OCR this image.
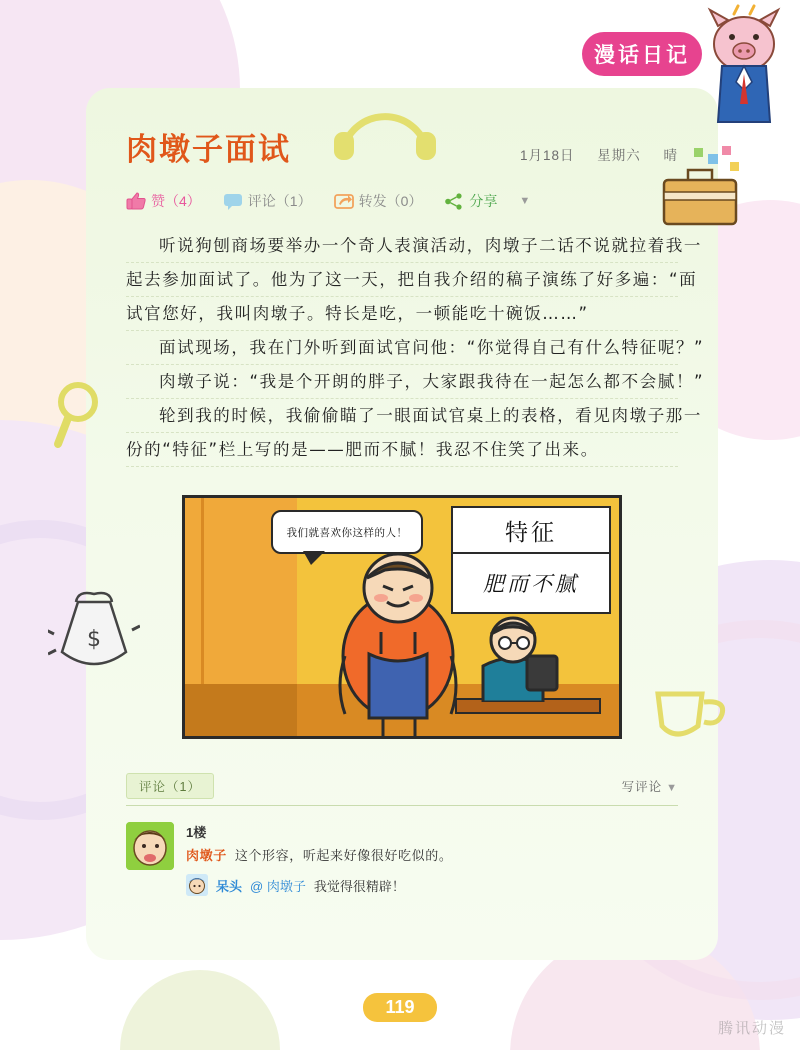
漫话日记
$
肉墩子面试	1月18日 星期六 晴
赞（4）	评论（1）	转发（0）	分享 ▼
听说狗刨商场要举办一个奇人表演活动，肉墩子二话不说就拉着我一
起去参加面试了。他为了这一天，把自我介绍的稿子演练了好多遍：“面
试官您好，我叫肉墩子。特长是吃，一顿能吃十碗饭……”
面试现场，我在门外听到面试官问他：“你觉得自己有什么特征呢？”
肉墩子说：“我是个开朗的胖子，大家跟我待在一起怎么都不会腻！”
轮到我的时候，我偷偷瞄了一眼面试官桌上的表格，看见肉墩子那一
份的“特征”栏上写的是——肥而不腻！我忍不住笑了出来。
我们就喜欢你这样的人！	特征
肥而不腻
评论（1）	写评论 ▼
1楼
肉墩子 这个形容，听起来好像很好吃似的。
呆头 @ 肉墩子 我觉得很精辟！
119
腾讯动漫
